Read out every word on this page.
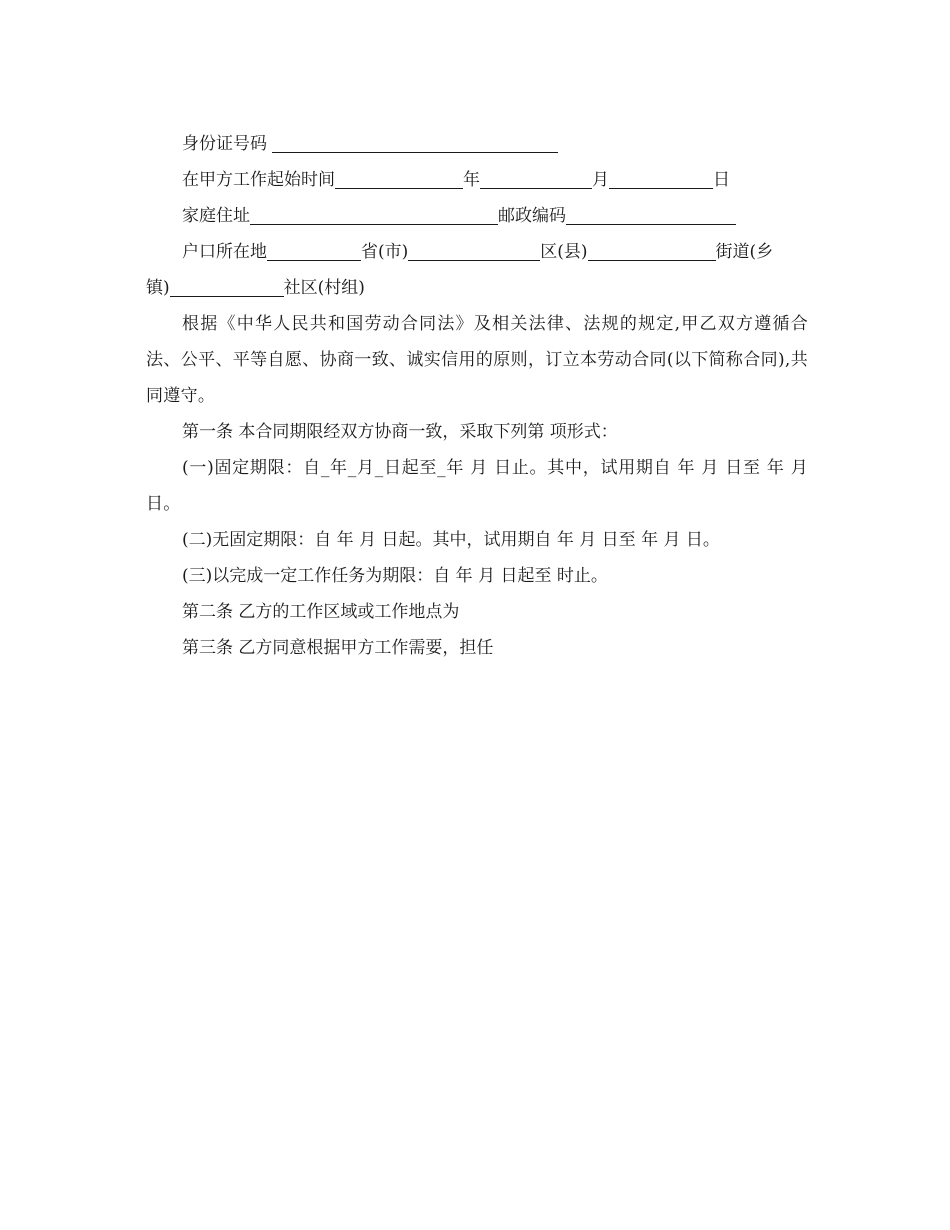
身份证号码

在甲方工作起始时间	年	月	日

家庭住址	邮政编码

户口所在地	省(市)	区(县)	街道(乡

镇)	社区(村组)

根据《中华人民共和国劳动合同法》及相关法律、法规的规定,甲乙双方遵循合法、公平、平等自愿、协商一致、诚实信用的原则，订立本劳动合同(以下简称合同),共同遵守。

第一条 本合同期限经双方协商一致，采取下列第 项形式：

(一)固定期限：自_年_月_日起至_年 月 日止。其中，试用期自 年 月 日至 年 月 日。

(二)无固定期限：自 年 月 日起。其中，试用期自 年 月 日至 年 月 日。

(三)以完成一定工作任务为期限：自 年 月 日起至 时止。

第二条 乙方的工作区域或工作地点为

第三条 乙方同意根据甲方工作需要，担任
